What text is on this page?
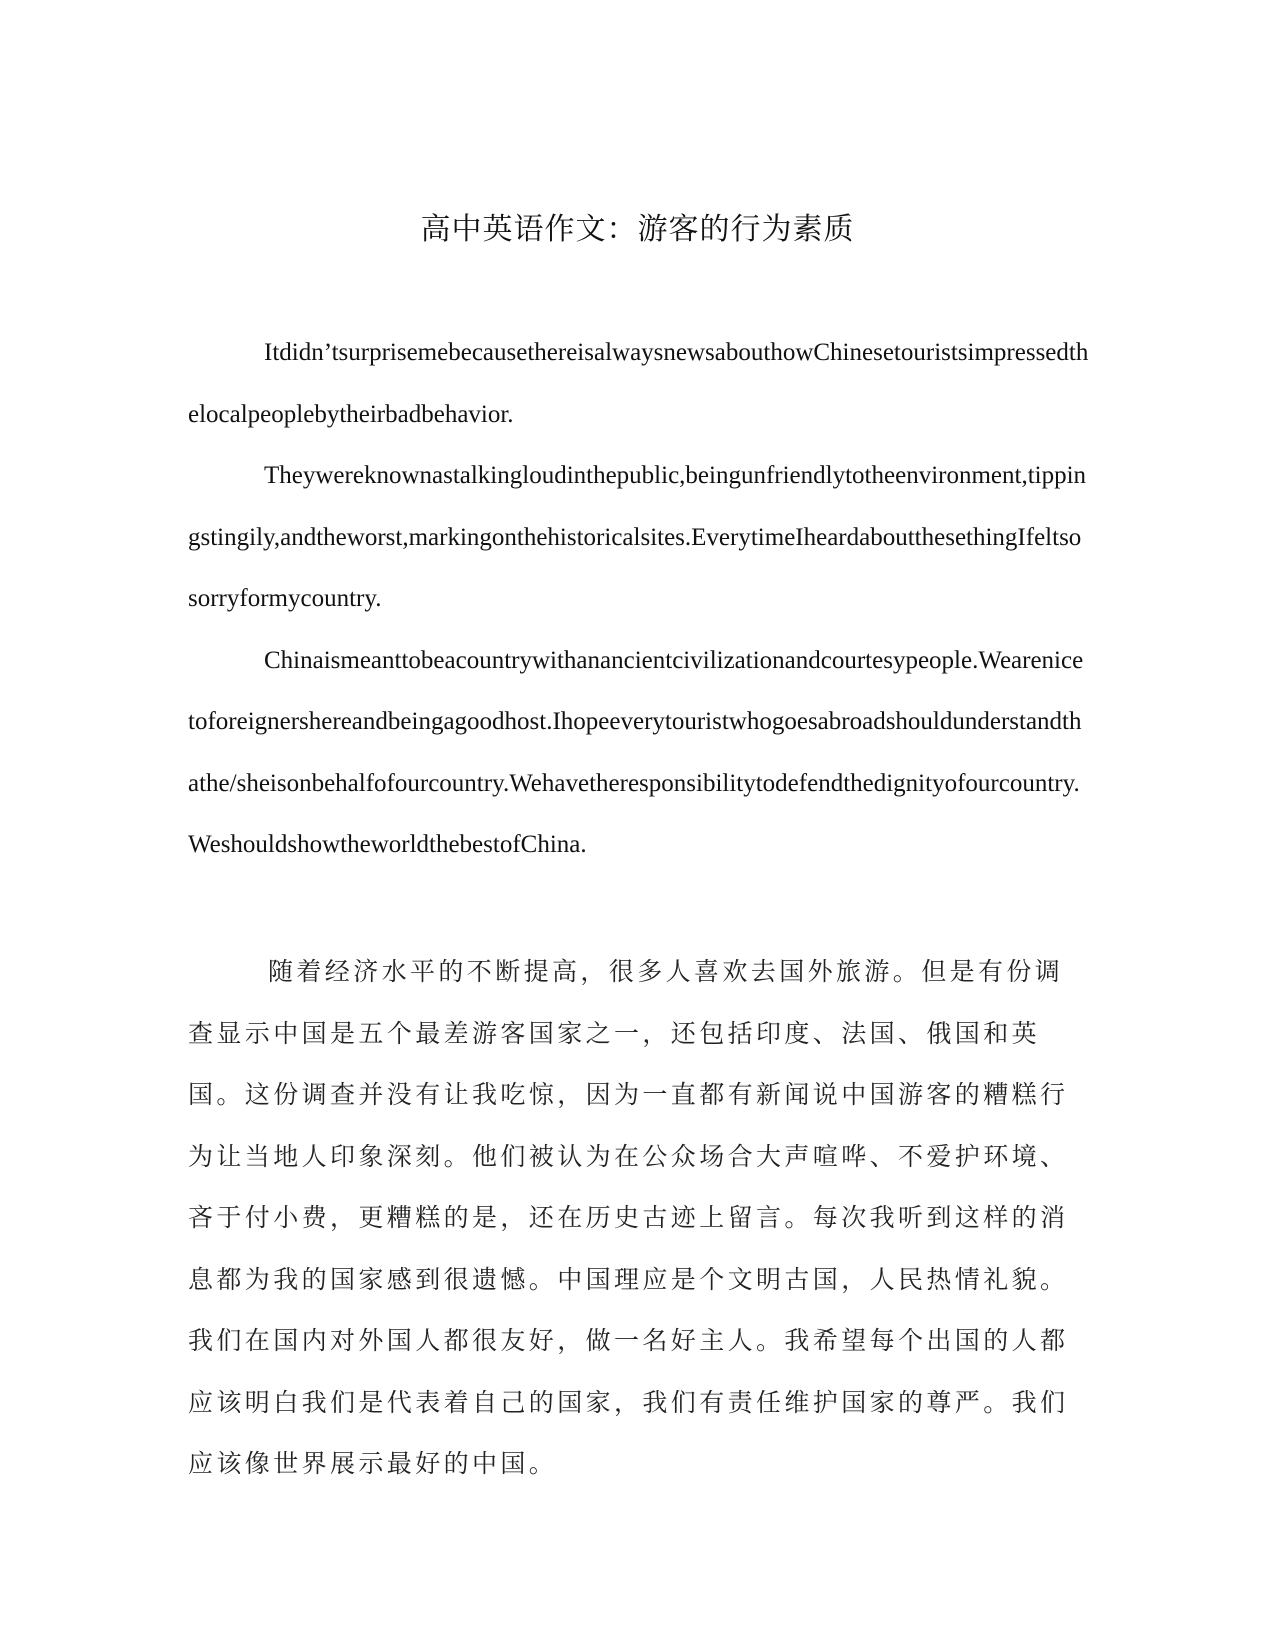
高中英语作文：游客的行为素质

Itdidn’tsurprisemebecausethereisalwaysnewsabouthowChinesetouristsimpressedthelocalpeoplebytheirbadbehavior.

Theywereknownastalkingloudinthepublic,beingunfriendlytotheenvironment,tippingstingily,andtheworst,markingonthehistoricalsites.EverytimeIheardaboutthesethingIfeltsosorryformycountry.

Chinaismeanttobeacountrywithanancientcivilizationandcourtesypeople.Wearenicetoforeignershereandbeingagoodhost.Ihopeeverytouristwhogoesabroadshouldunderstandthathe/sheisonbehalfofourcountry.Wehavetheresponsibilitytodefendthedignityofourcountry.WeshouldshowtheworldthebestofChina.

随着经济水平的不断提高，很多人喜欢去国外旅游。但是有份调查显示中国是五个最差游客国家之一，还包括印度、法国、俄国和英国。这份调查并没有让我吃惊，因为一直都有新闻说中国游客的糟糕行为让当地人印象深刻。他们被认为在公众场合大声喧哗、不爱护环境、吝于付小费，更糟糕的是，还在历史古迹上留言。每次我听到这样的消息都为我的国家感到很遗憾。中国理应是个文明古国，人民热情礼貌。我们在国内对外国人都很友好，做一名好主人。我希望每个出国的人都应该明白我们是代表着自己的国家，我们有责任维护国家的尊严。我们应该像世界展示最好的中国。
